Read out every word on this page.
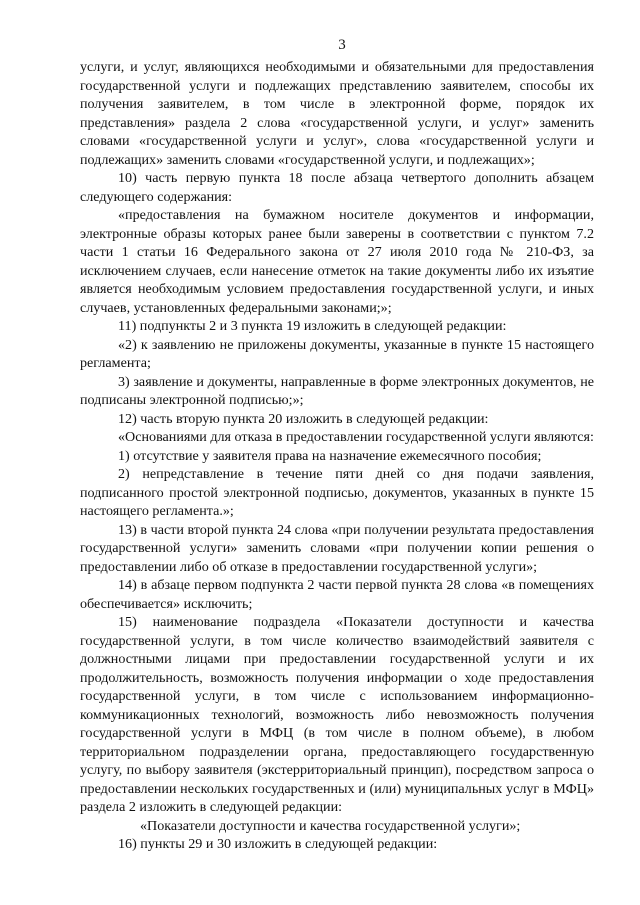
3

услуги, и услуг, являющихся необходимыми и обязательными для предоставления государственной услуги и подлежащих представлению заявителем, способы их получения заявителем, в том числе в электронной форме, порядок их представления» раздела 2 слова «государственной услуги, и услуг» заменить словами «государственной услуги и услуг», слова «государственной услуги и подлежащих» заменить словами «государственной услуги, и подлежащих»;

10) часть первую пункта 18 после абзаца четвертого дополнить абзацем следующего содержания:

«предоставления на бумажном носителе документов и информации, электронные образы которых ранее были заверены в соответствии с пунктом 7.2 части 1 статьи 16 Федерального закона от 27 июля 2010 года № 210-ФЗ, за исключением случаев, если нанесение отметок на такие документы либо их изъятие является необходимым условием предоставления государственной услуги, и иных случаев, установленных федеральными законами;»;

11) подпункты 2 и 3 пункта 19 изложить в следующей редакции:

«2) к заявлению не приложены документы, указанные в пункте 15 настоящего регламента;

3) заявление и документы, направленные в форме электронных документов, не подписаны электронной подписью;»;

12) часть вторую пункта 20 изложить в следующей редакции:

«Основаниями для отказа в предоставлении государственной услуги являются:

1) отсутствие у заявителя права на назначение ежемесячного пособия;

2) непредставление в течение пяти дней со дня подачи заявления, подписанного простой электронной подписью, документов, указанных в пункте 15 настоящего регламента.»;

13) в части второй пункта 24 слова «при получении результата предоставления государственной услуги» заменить словами «при получении копии решения о предоставлении либо об отказе в предоставлении государственной услуги»;

14) в абзаце первом подпункта 2 части первой пункта 28 слова «в помещениях обеспечивается» исключить;

15) наименование подраздела «Показатели доступности и качества государственной услуги, в том числе количество взаимодействий заявителя с должностными лицами при предоставлении государственной услуги и их продолжительность, возможность получения информации о ходе предоставления государственной услуги, в том числе с использованием информационно-коммуникационных технологий, возможность либо невозможность получения государственной услуги в МФЦ (в том числе в полном объеме), в любом территориальном подразделении органа, предоставляющего государственную услугу, по выбору заявителя (экстерриториальный принцип), посредством запроса о предоставлении нескольких государственных и (или) муниципальных услуг в МФЦ» раздела 2 изложить в следующей редакции:

«Показатели доступности и качества государственной услуги»;

16) пункты 29 и 30 изложить в следующей редакции:
